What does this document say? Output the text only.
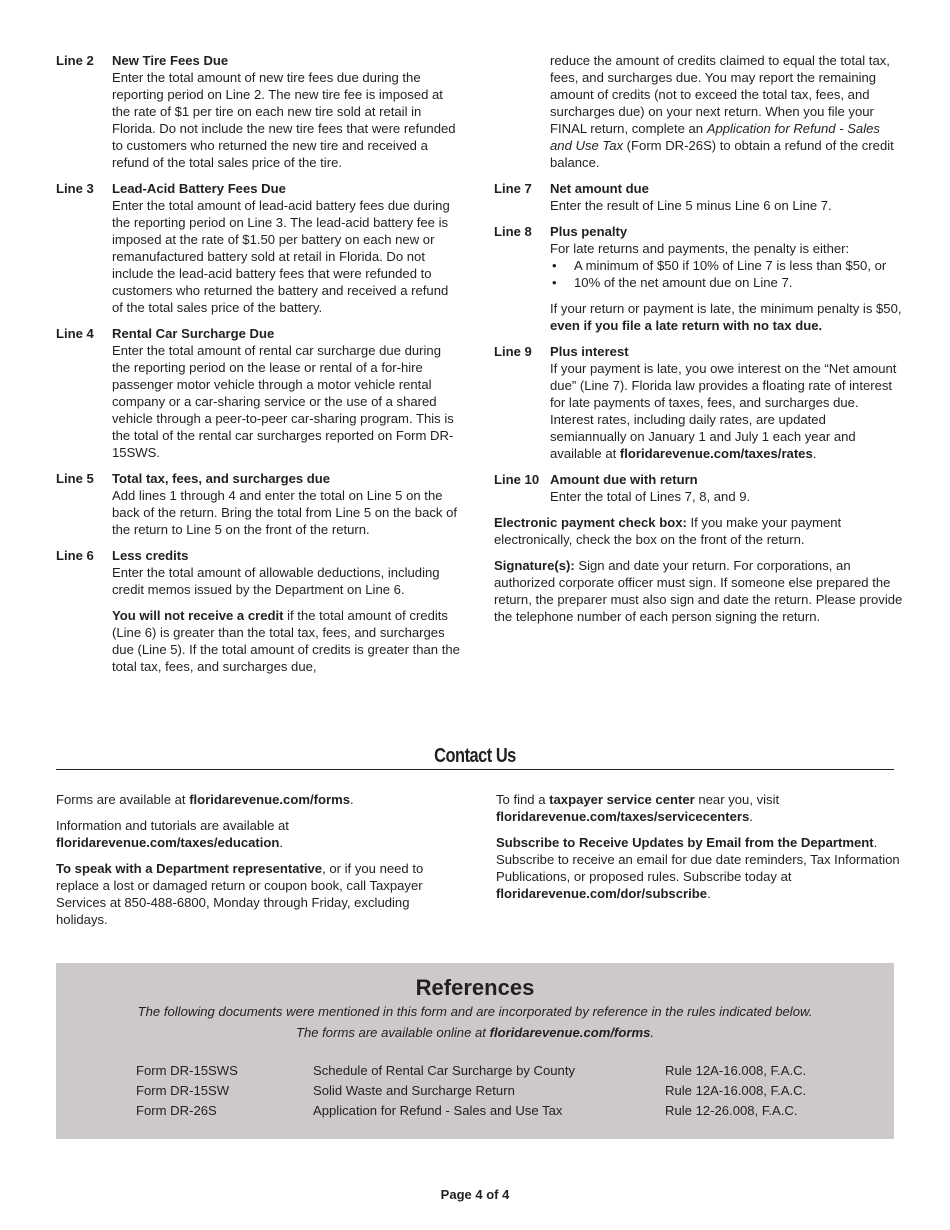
Line 2	New Tire Fees Due

Enter the total amount of new tire fees due during the reporting period on Line 2. The new tire fee is imposed at the rate of $1 per tire on each new tire sold at retail in Florida. Do not include the new tire fees that were refunded to customers who returned the new tire and received a refund of the total sales price of the tire.

Line 3	Lead-Acid Battery Fees Due

Enter the total amount of lead-acid battery fees due during the reporting period on Line 3. The lead-acid battery fee is imposed at the rate of $1.50 per battery on each new or remanufactured battery sold at retail in Florida. Do not include the lead-acid battery fees that were refunded to customers who returned the battery and received a refund of the total sales price of the battery.

Line 4	Rental Car Surcharge Due

Enter the total amount of rental car surcharge due during the reporting period on the lease or rental of a for-hire passenger motor vehicle through a motor vehicle rental company or a car-sharing service or the use of a shared vehicle through a peer-to-peer car-sharing program. This is the total of the rental car surcharges reported on Form DR-15SWS.

Line 5	Total tax, fees, and surcharges due

Add lines 1 through 4 and enter the total on Line 5 on the back of the return. Bring the total from Line 5 on the back of the return to Line 5 on the front of the return.

Line 6	Less credits

Enter the total amount of allowable deductions, including credit memos issued by the Department on Line 6.

You will not receive a credit if the total amount of credits (Line 6) is greater than the total tax, fees, and surcharges due (Line 5). If the total amount of credits is greater than the total tax, fees, and surcharges due,

reduce the amount of credits claimed to equal the total tax, fees, and surcharges due. You may report the remaining amount of credits (not to exceed the total tax, fees, and surcharges due) on your next return. When you file your FINAL return, complete an Application for Refund - Sales and Use Tax (Form DR-26S) to obtain a refund of the credit balance.

Line 7	Net amount due

Enter the result of Line 5 minus Line 6 on Line 7.

Line 8	Plus penalty
For late returns and payments, the penalty is either:
•	A minimum of $50 if 10% of Line 7 is less than $50, or
•	10% of the net amount due on Line 7.

If your return or payment is late, the minimum penalty is $50, even if you file a late return with no tax due.

Line 9	Plus interest

If your payment is late, you owe interest on the “Net amount due” (Line 7). Florida law provides a floating rate of interest for late payments of taxes, fees, and surcharges due. Interest rates, including daily rates, are updated semiannually on January 1 and July 1 each year and available at floridarevenue.com/taxes/rates.

Line 10 Amount due with return

Enter the total of Lines 7, 8, and 9.

Electronic payment check box: If you make your payment electronically, check the box on the front of the return.

Signature(s): Sign and date your return. For corporations, an authorized corporate officer must sign. If someone else prepared the return, the preparer must also sign and date the return. Please provide the telephone number of each person signing the return.

Contact Us

Forms are available at floridarevenue.com/forms.

Information and tutorials are available at floridarevenue.com/taxes/education.

To speak with a Department representative, or if you need to replace a lost or damaged return or coupon book, call Taxpayer Services at 850-488-6800, Monday through Friday, excluding holidays.

To find a taxpayer service center near you, visit floridarevenue.com/taxes/servicecenters.

Subscribe to Receive Updates by Email from the Department. Subscribe to receive an email for due date reminders, Tax Information Publications, or proposed rules. Subscribe today at floridarevenue.com/dor/subscribe.

References
The following documents were mentioned in this form and are incorporated by reference in the rules indicated below.
The forms are available online at floridarevenue.com/forms.
Form DR-15SWS	Schedule of Rental Car Surcharge by County	Rule 12A-16.008, F.A.C.
Form DR-15SW	Solid Waste and Surcharge Return	Rule 12A-16.008, F.A.C.
Form DR-26S	Application for Refund - Sales and Use Tax	Rule 12-26.008, F.A.C.
Page 4 of 4
